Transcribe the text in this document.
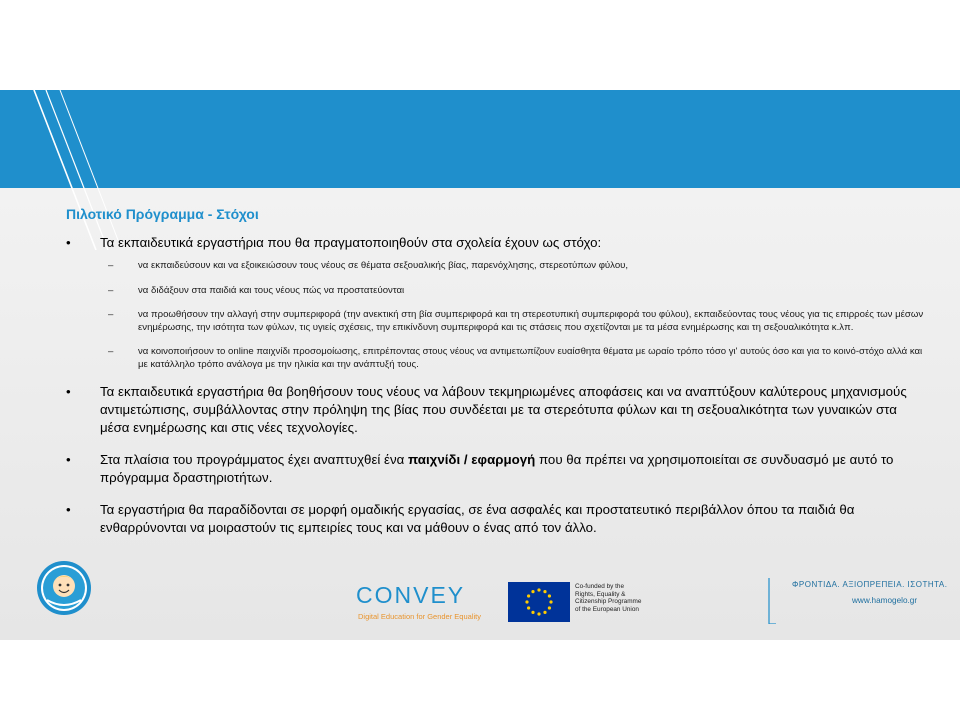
Πιλοτικό Πρόγραμμα - Στόχοι
• Τα εκπαιδευτικά εργαστήρια που θα πραγματοποιηθούν στα σχολεία έχουν ως στόχο:
–	να εκπαιδεύσουν και να εξοικειώσουν τους νέους σε θέματα σεξουαλικής βίας, παρενόχλησης, στερεοτύπων φύλου,
–	να διδάξουν στα παιδιά και τους νέους πώς να προστατεύονται
–	να προωθήσουν την αλλαγή στην συμπεριφορά (την ανεκτική στη βία συμπεριφορά και τη στερεοτυπική συμπεριφορά του φύλου), εκπαιδεύοντας τους νέους για τις επιρροές των μέσων ενημέρωσης, την ισότητα των φύλων, τις υγιείς σχέσεις, την επικίνδυνη συμπεριφορά και τις στάσεις που σχετίζονται με τα μέσα ενημέρωσης και τη σεξουαλικότητα κ.λπ.
–	να κοινοποιήσουν το online παιχνίδι προσομοίωσης, επιτρέποντας στους νέους να αντιμετωπίζουν ευαίσθητα θέματα με ωραίο τρόπο τόσο γι' αυτούς όσο και για το κοινό-στόχο αλλά και με κατάλληλο τρόπο ανάλογα με την ηλικία και την ανάπτυξή τους.
• Τα εκπαιδευτικά εργαστήρια θα βοηθήσουν τους νέους να λάβουν τεκμηριωμένες αποφάσεις και να αναπτύξουν καλύτερους μηχανισμούς αντιμετώπισης, συμβάλλοντας στην πρόληψη της βίας που συνδέεται με τα στερεότυπα φύλων και τη σεξουαλικότητα των γυναικών στα μέσα ενημέρωσης και στις νέες τεχνολογίες.
• Στα πλαίσια του προγράμματος έχει αναπτυχθεί ένα παιχνίδι / εφαρμογή που θα πρέπει να χρησιμοποιείται σε συνδυασμό με αυτό το πρόγραμμα δραστηριοτήτων.
• Τα εργαστήρια θα παραδίδονται σε μορφή ομαδικής εργασίας, σε ένα ασφαλές και προστατευτικό περιβάλλον όπου τα παιδιά θα ενθαρρύνονται να μοιραστούν τις εμπειρίες τους και να μάθουν ο ένας από τον άλλο.
CONVEY
Digital Education for Gender Equality
Co-funded by the
Rights, Equality &
Citizenship Programme
of the European Union
ΦΡΟΝΤΙΔΑ. ΑΞΙΟΠΡΕΠΕΙΑ. ΙΣΟΤΗΤΑ.
www.hamogelo.gr
